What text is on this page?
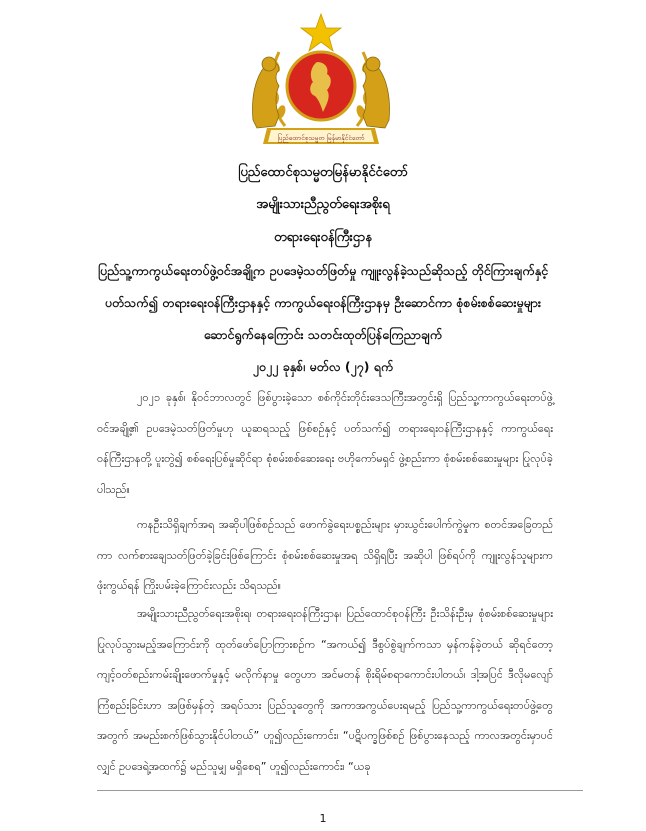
ပြည်ထောင်စုသမ္မတ မြန်မာနိုင်ငံတော်
ပြည်ထောင်စုသမ္မတမြန်မာနိုင်ငံတော်
အမျိုးသားညီညွတ်ရေးအစိုးရ
တရားရေးဝန်ကြီးဌာန
ပြည်သူ့ကာကွယ်ရေးတပ်ဖွဲ့ဝင်အချို့က ဥပဒေမဲ့သတ်ဖြတ်မှု ကျူးလွန်ခဲ့သည်ဆိုသည့် တိုင်ကြားချက်နှင့်
ပတ်သက်၍ တရားရေးဝန်ကြီးဌာနနှင့် ကာကွယ်ရေးဝန်ကြီးဌာနမှ ဦးဆောင်ကာ စုံစမ်းစစ်ဆေးမှုများ
ဆောင်ရွက်နေကြောင်း သတင်းထုတ်ပြန်ကြေညာချက်
၂၀၂၂ ခုနှစ်၊ မတ်လ (၂၇) ရက်

၂၀၂၁ ခုနှစ်၊ နိုဝင်ဘာလတွင် ဖြစ်ပွားခဲ့သော စစ်ကိုင်းတိုင်းဒေသကြီးအတွင်းရှိ ပြည်သူ့ကာကွယ်ရေးတပ်ဖွဲ့ဝင်အချို့၏ ဥပဒေမဲ့သတ်ဖြတ်မှုဟု ယူဆရသည့် ဖြစ်စဉ်နှင့် ပတ်သက်၍ တရားရေးဝန်ကြီးဌာနနှင့် ကာကွယ်ရေးဝန်ကြီးဌာနတို့ ပူးတွဲ၍ စစ်ရေးပြစ်မှုဆိုင်ရာ စုံစမ်းစစ်ဆေးရေး ဗဟိုကော်မရှင် ဖွဲ့စည်းကာ စုံစမ်းစစ်ဆေးမှုများ ပြုလုပ်ခဲ့ပါသည်။

ကနဦးသိရှိချက်အရ အဆိုပါဖြစ်စဉ်သည် ဖောက်ခွဲရေးပစ္စည်းများ မှားယွင်းပေါက်ကွဲမှုက စတင်အခြေတည်ကာ လက်စားချေသတ်ဖြတ်ခဲ့ခြင်းဖြစ်ကြောင်း စုံစမ်းစစ်ဆေးမှုအရ သိရှိရပြီး အဆိုပါ ဖြစ်ရပ်ကို ကျူးလွန်သူများက ဖုံးကွယ်ရန် ကြိုးပမ်းခဲ့ကြောင်းလည်း သိရသည်။

အမျိုးသားညီညွတ်ရေးအစိုးရ၊ တရားရေးဝန်ကြီးဌာန၊ ပြည်ထောင်စုဝန်ကြီး ဦးသိန်းဦးမှ စုံစမ်းစစ်ဆေးမှုများ ပြုလုပ်သွားမည့်အကြောင်းကို ထုတ်ဖော်ပြောကြားစဉ်က “အကယ်၍ ဒီစွပ်စွဲချက်ကသာ မှန်ကန်ခဲ့တယ် ဆိုရင်တော့ ကျင့်ဝတ်စည်းကမ်းချိုးဖောက်မှုနှင့် မလိုက်နာမှု တွေဟာ အင်မတန် စိုးရိမ်စရာကောင်းပါတယ်၊ ဒါ့အပြင် ဒီလိုမလျော်ကြံစည်းခြင်းဟာ အဖြစ်မှန်တဲ့ အရပ်သား ပြည်သူတွေကို အကာအကွယ်ပေးရမည့် ပြည်သူ့ကာကွယ်ရေးတပ်ဖွဲ့တွေ အတွက် အမည်းစက်ဖြစ်သွားနိုင်ပါတယ်” ဟူ၍လည်းကောင်း၊ “ပဋိပက္ခဖြစ်စဉ် ဖြစ်ပွားနေသည့် ကာလအတွင်းမှာပင်လျှင် ဥပဒေရဲ့အထက်၌ မည်သူမျှ မရှိစေရ” ဟူ၍လည်းကောင်း၊ “ယခု

1
